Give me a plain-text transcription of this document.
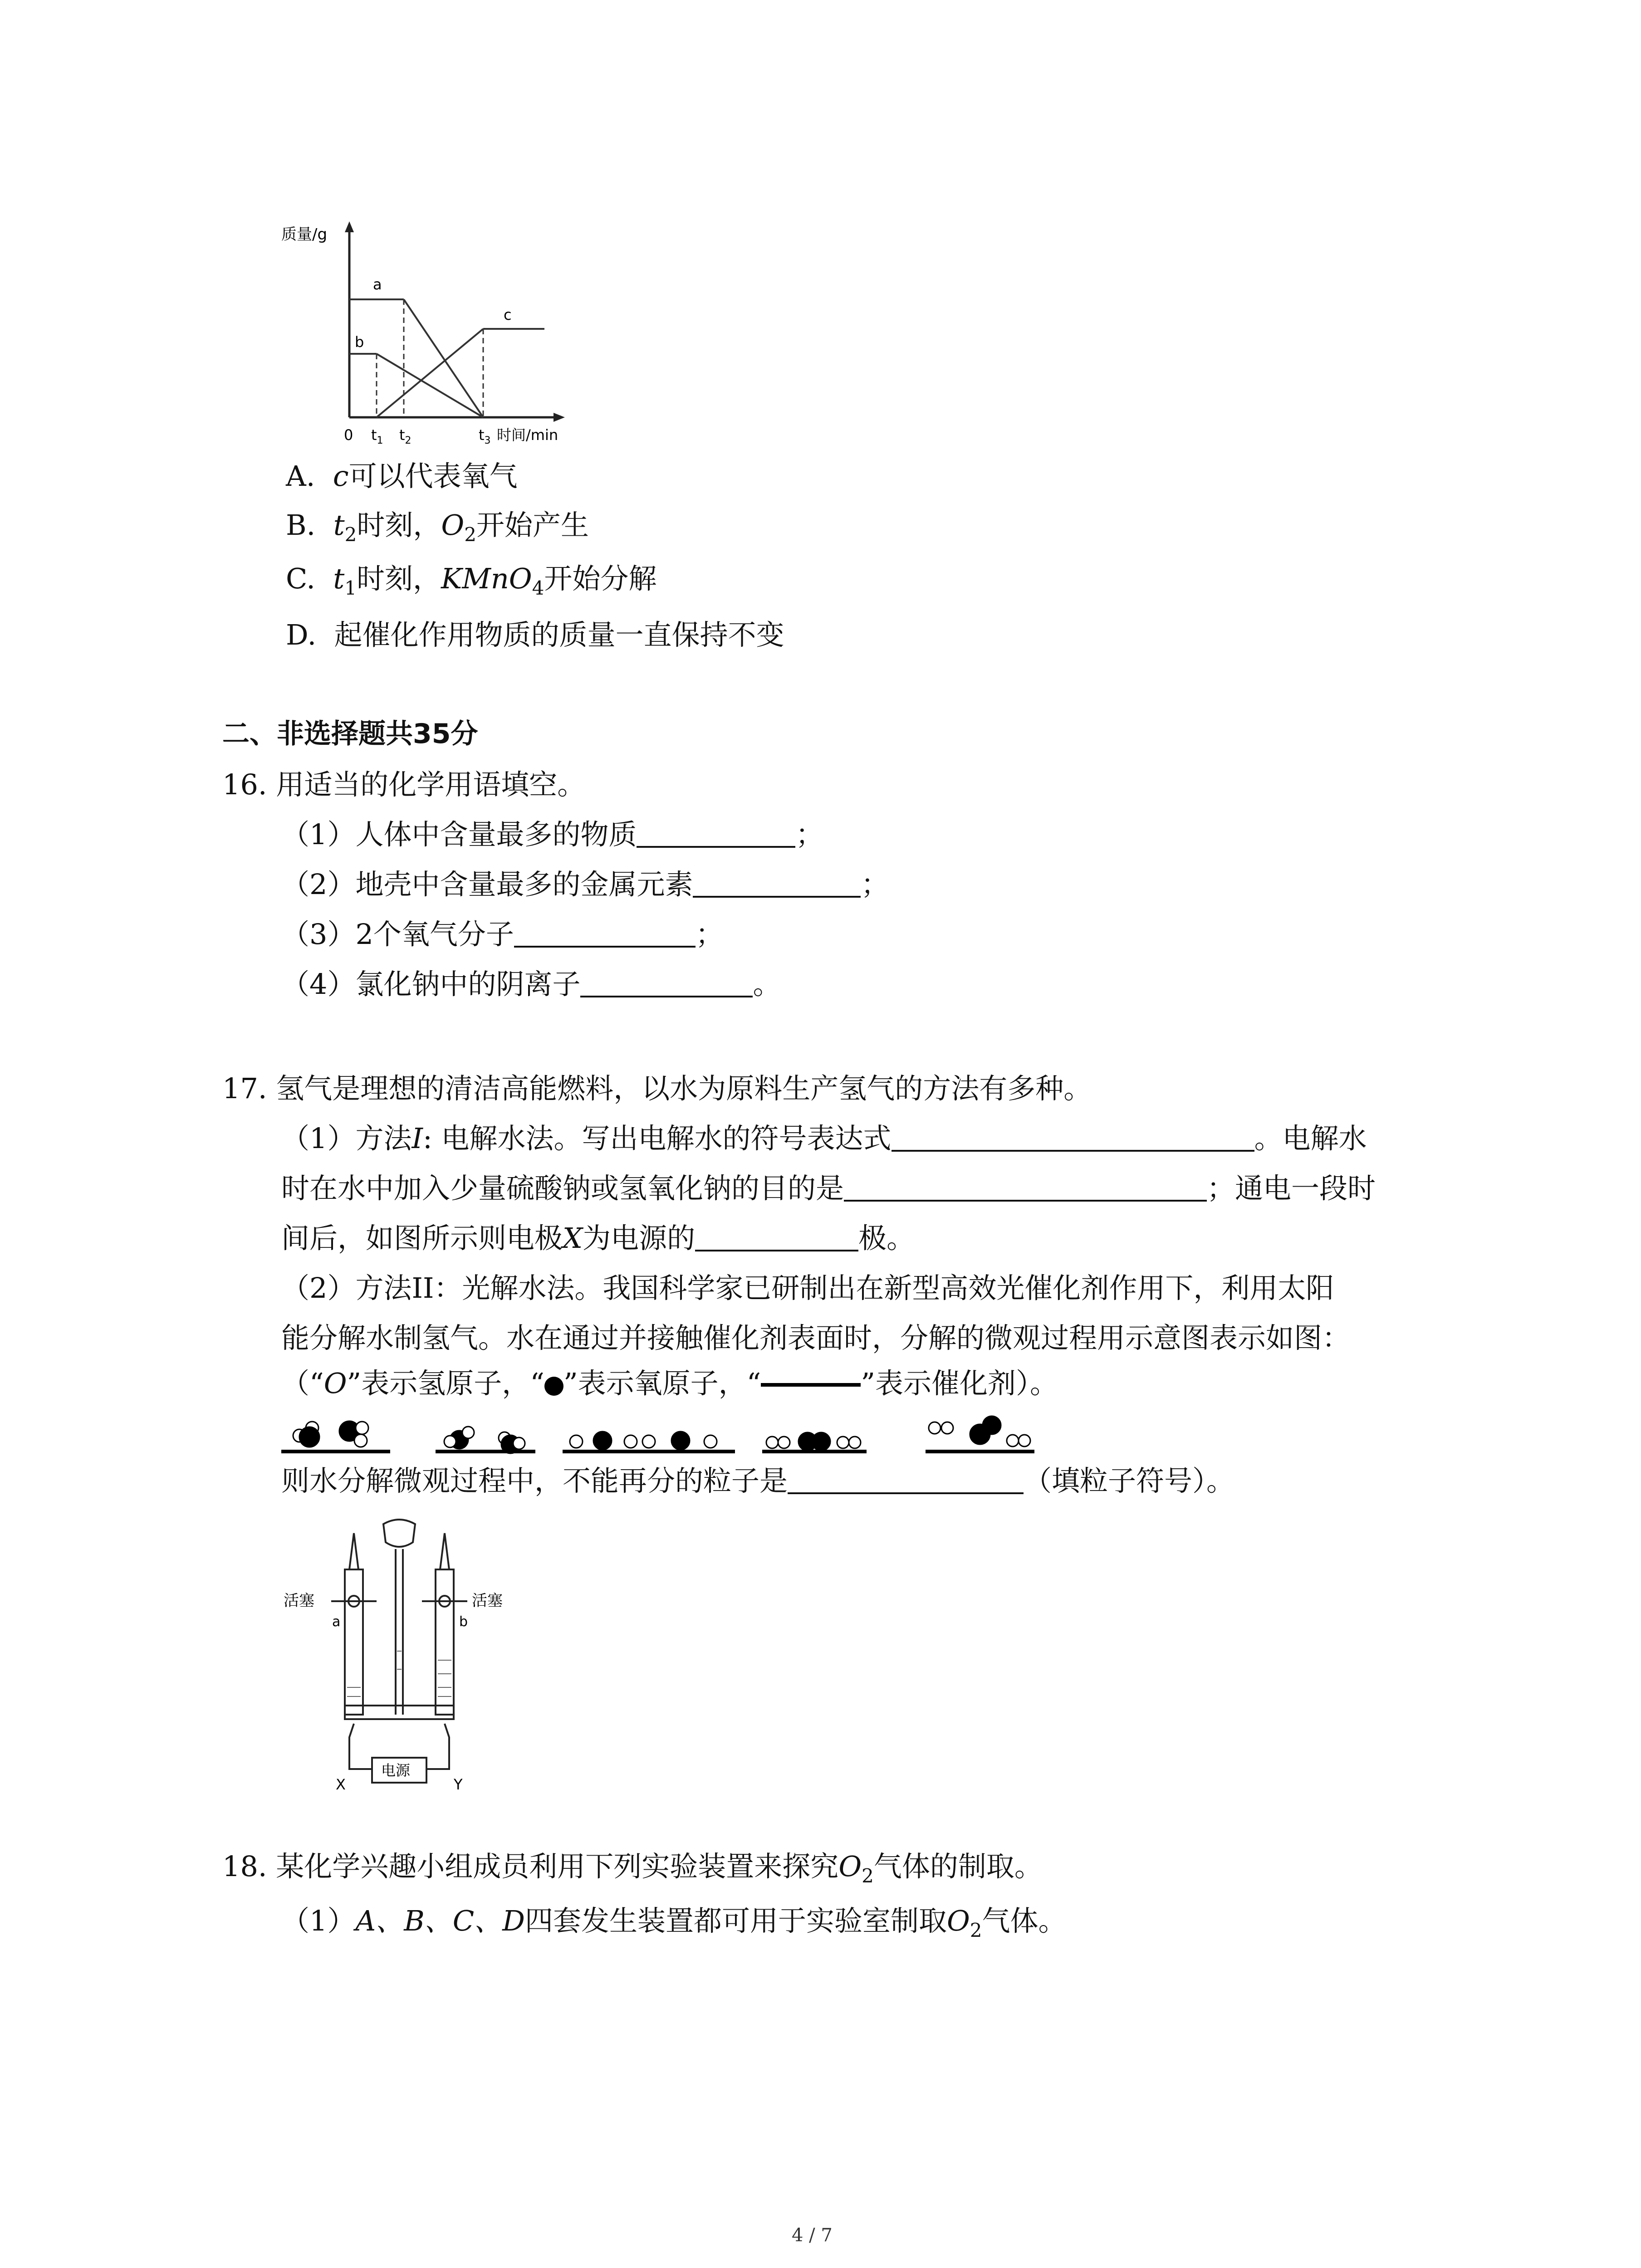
质量/g
a
b
c
0 $t_1$ $t_2$	$t_3$ 时间/min
A. c可以代表氧气
B. $t_2$时刻，$O_2$开始产生
C. $t_1$时刻，KMnO$_4$开始分解
D. 起催化作用物质的质量一直保持不变
二、非选择题共35分
16. 用适当的化学用语填空。
（1）人体中含量最多的物质	；
（2）地壳中含量最多的金属元素	；
（3）2个氧气分子	；
（4）氯化钠中的阴离子	。
17. 氢气是理想的清洁高能燃料，以水为原料生产氢气的方法有多种。
（1）方法I: 电解水法。写出电解水的符号表达式	。电解水
时在水中加入少量硫酸钠或氢氧化钠的目的是	；通电一段时
间后，如图所示则电极X为电源的	极。
（2）方法II：光解水法。我国科学家已研制出在新型高效光催化剂作用下，利用太阳
能分解水制氢气。水在通过并接触催化剂表面时，分解的微观过程用示意图表示如图：
（“O”表示氢原子，“ ”表示氧原子，“	”表示催化剂）。
则水分解微观过程中，不能再分的粒子是	（填粒子符号）。
活塞	活塞
a	b
X	Y
电源
18. 某化学兴趣小组成员利用下列实验装置来探究$O_2$气体的制取。
（1）A、B、C、D四套发生装置都可用于实验室制取$O_2$气体。
4 / 7
